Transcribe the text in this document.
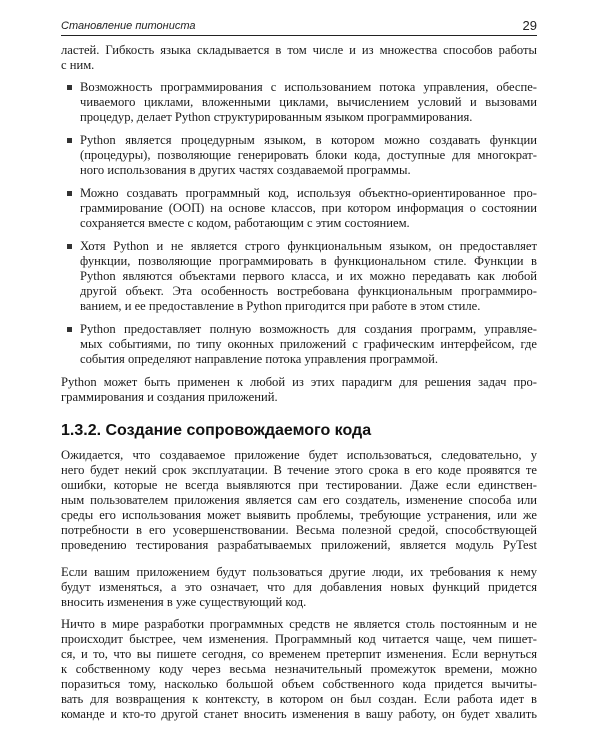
Становление питониста	29
ластей. Гибкость языка складывается в том числе и из множества способов работы
с ним.
Возможность программирования с использованием потока управления, обеспе-
чиваемого циклами, вложенными циклами, вычислением условий и вызовами
процедур, делает Python структурированным языком программирования.
Python является процедурным языком, в котором можно создавать функции
(процедуры), позволяющие генерировать блоки кода, доступные для многократ-
ного использования в других частях создаваемой программы.
Можно создавать программный код, используя объектно-ориентированное про-
граммирование (ООП) на основе классов, при котором информация о состоянии
сохраняется вместе с кодом, работающим с этим состоянием.
Хотя Python и не является строго функциональным языком, он предоставляет
функции, позволяющие программировать в функциональном стиле. Функции в
Python являются объектами первого класса, и их можно передавать как любой
другой объект. Эта особенность востребована функциональным программиро-
ванием, и ее предоставление в Python пригодится при работе в этом стиле.
Python предоставляет полную возможность для создания программ, управляе-
мых событиями, по типу оконных приложений с графическим интерфейсом, где
события определяют направление потока управления программой.
Python может быть применен к любой из этих парадигм для решения задач про-
граммирования и создания приложений.
1.3.2. Создание сопровождаемого кода
Ожидается, что создаваемое приложение будет использоваться, следовательно, у
него будет некий срок эксплуатации. В течение этого срока в его коде проявятся те
ошибки, которые не всегда выявляются при тестировании. Даже если единствен-
ным пользователем приложения является сам его создатель, изменение способа или
среды его использования может выявить проблемы, требующие устранения, или же
потребности в его усовершенствовании. Весьма полезной средой, способствующей
проведению тестирования разрабатываемых приложений, является модуль PyTest
Если вашим приложением будут пользоваться другие люди, их требования к нему
будут изменяться, а это означает, что для добавления новых функций придется
вносить изменения в уже существующий код.
Ничто в мире разработки программных средств не является столь постоянным и не
происходит быстрее, чем изменения. Программный код читается чаще, чем пишет-
ся, и то, что вы пишете сегодня, со временем претерпит изменения. Если вернуться
к собственному коду через весьма незначительный промежуток времени, можно
поразиться тому, насколько большой объем собственного кода придется вычиты-
вать для возвращения к контексту, в котором он был создан. Если работа идет в
команде и кто-то другой станет вносить изменения в вашу работу, он будет хвалить
